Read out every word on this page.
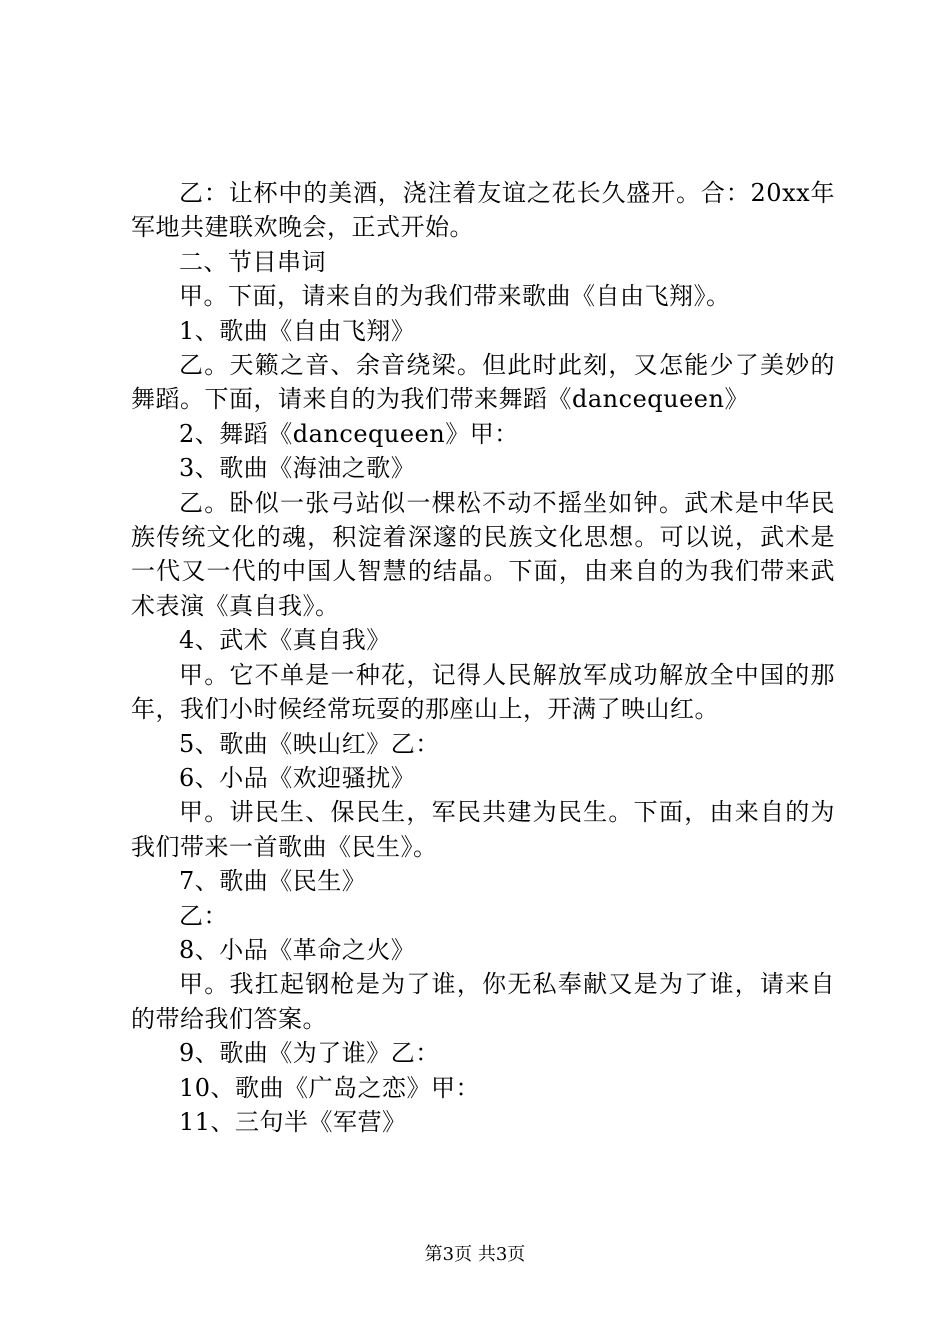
乙：让杯中的美酒，浇注着友谊之花长久盛开。合：20xx年军地共建联欢晚会，正式开始。

二、节目串词

甲。下面，请来自的为我们带来歌曲《自由飞翔》。

1、歌曲《自由飞翔》

乙。天籁之音、余音绕梁。但此时此刻，又怎能少了美妙的舞蹈。下面，请来自的为我们带来舞蹈《dancequeen》

2、舞蹈《dancequeen》甲：

3、歌曲《海油之歌》

乙。卧似一张弓站似一棵松不动不摇坐如钟。武术是中华民族传统文化的魂，积淀着深邃的民族文化思想。可以说，武术是一代又一代的中国人智慧的结晶。下面，由来自的为我们带来武术表演《真自我》。

4、武术《真自我》

甲。它不单是一种花，记得人民解放军成功解放全中国的那年，我们小时候经常玩耍的那座山上，开满了映山红。

5、歌曲《映山红》乙：

6、小品《欢迎骚扰》

甲。讲民生、保民生，军民共建为民生。下面，由来自的为我们带来一首歌曲《民生》。

7、歌曲《民生》

乙：

8、小品《革命之火》

甲。我扛起钢枪是为了谁，你无私奉献又是为了谁，请来自的带给我们答案。

9、歌曲《为了谁》乙：

10、歌曲《广岛之恋》甲：

11、三句半《军营》

第3页 共3页
